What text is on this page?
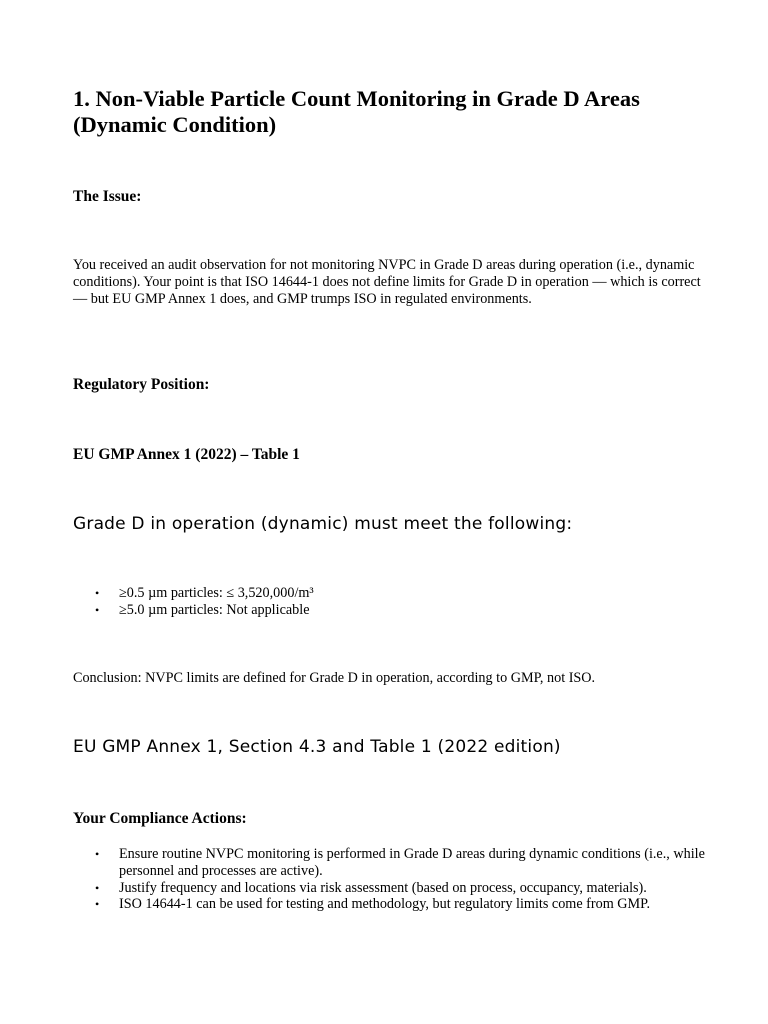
1. Non-Viable Particle Count Monitoring in Grade D Areas (Dynamic Condition)
The Issue:

You received an audit observation for not monitoring NVPC in Grade D areas during operation (i.e., dynamic conditions). Your point is that ISO 14644-1 does not define limits for Grade D in operation — which is correct — but EU GMP Annex 1 does, and GMP trumps ISO in regulated environments.

Regulatory Position:
EU GMP Annex 1 (2022) – Table 1
Grade D in operation (dynamic) must meet the following:
• ≥0.5 µm particles: ≤ 3,520,000/m³
• ≥5.0 µm particles: Not applicable

Conclusion: NVPC limits are defined for Grade D in operation, according to GMP, not ISO.

EU GMP Annex 1, Section 4.3 and Table 1 (2022 edition)
Your Compliance Actions:
• Ensure routine NVPC monitoring is performed in Grade D areas during dynamic conditions (i.e., while personnel and processes are active).
• Justify frequency and locations via risk assessment (based on process, occupancy, materials).
• ISO 14644-1 can be used for testing and methodology, but regulatory limits come from GMP.
